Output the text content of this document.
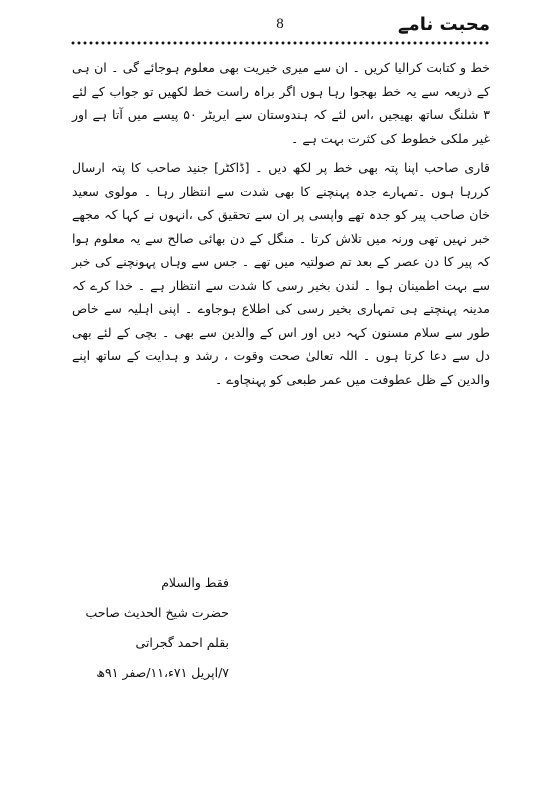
محبت نامے
8

خط و کتابت کرالیا کریں ۔ ان سے میری خیریت بھی معلوم ہوجائے گی ۔ ان ہی کے ذریعہ سے یہ خط بھجوا رہا ہوں اگر براہ راست خط لکھیں تو جواب کے لئے ۳ شلنگ ساتھ بھیجیں ،اس لئے کہ ہندوستان سے ایریٹر ۵۰ پیسے میں آتا ہے اور غیر ملکی خطوط کی کثرت بہت ہے ۔

قاری صاحب اپنا پتہ بھی خط پر لکھ دیں ۔ [ڈاکٹر] جنید صاحب کا پتہ ارسال کررہا ہوں ۔تمہارے جدہ پہنچنے کا بھی شدت سے انتظار رہا ۔ مولوی سعید خان صاحب پیر کو جدہ تھے واپسی پر ان سے تحقیق کی ،انہوں نے کہا کہ مجھے خبر نہیں تھی ورنہ میں تلاش کرتا ۔ منگل کے دن بھائی صالح سے یہ معلوم ہوا کہ پیر کا دن عصر کے بعد تم صولتیہ میں تھے ۔ جس سے وہاں پہونچنے کی خبر سے بہت اطمینان ہوا ۔ لندن بخیر رسی کا شدت سے انتظار ہے ۔ خدا کرے کہ مدینہ پہنچتے ہی تمہاری بخیر رسی کی اطلاع ہوجاوے ۔ اپنی اہلیہ سے خاص طور سے سلام مسنون کہہ دیں اور اس کے والدین سے بھی ۔ بچی کے لئے بھی دل سے دعا کرتا ہوں ۔ اللہ تعالیٰ صحت وقوت ، رشد و ہدایت کے ساتھ اپنے والدین کے ظل عطوفت میں عمر طبعی کو پہنچاوے ۔

فقط والسلام
حضرت شیخ الحدیث صاحب
بقلم احمد گجراتی
۷/اپریل ۷۱ء،۱۱/صفر ۹۱ھ
